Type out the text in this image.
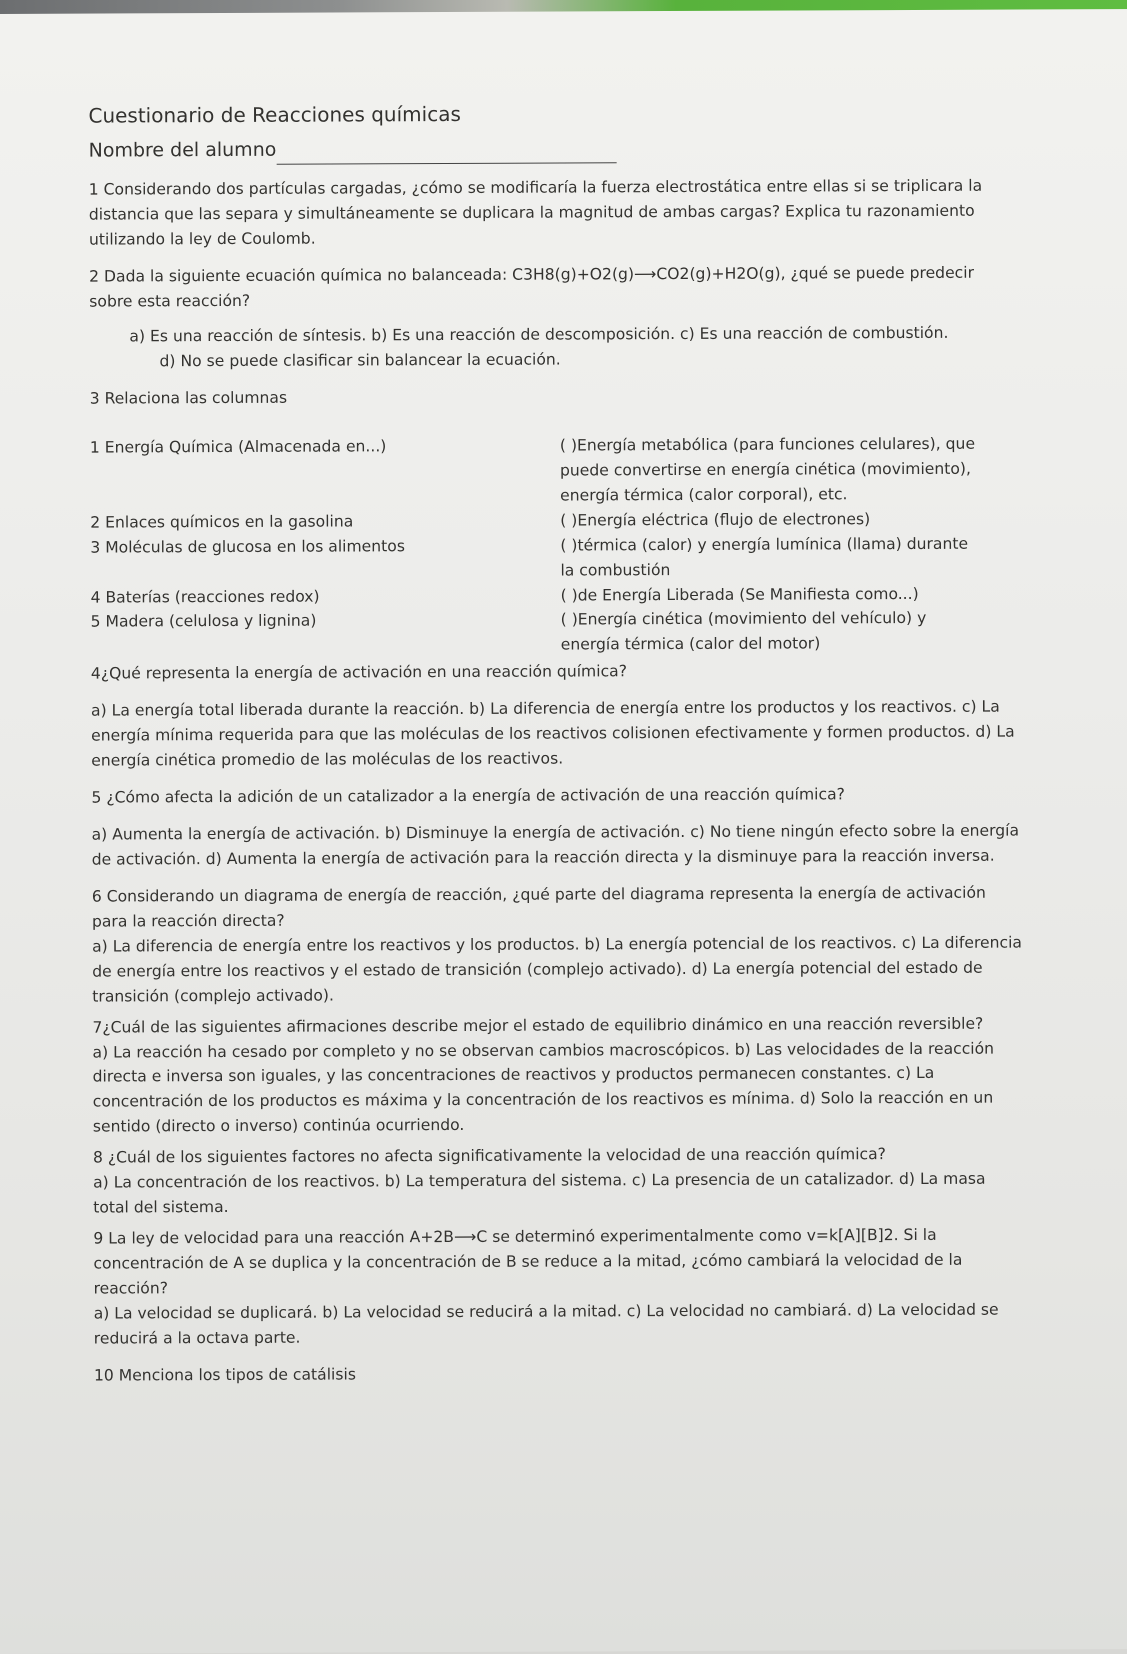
Cuestionario de Reacciones químicas

Nombre del alumno

1 Considerando dos partículas cargadas, ¿cómo se modificaría la fuerza electrostática entre ellas si se triplicara la distancia que las separa y simultáneamente se duplicara la magnitud de ambas cargas? Explica tu razonamiento utilizando la ley de Coulomb.

2 Dada la siguiente ecuación química no balanceada: C3H8(g)+O2(g)⟶CO2(g)+H2O(g), ¿qué se puede predecir sobre esta reacción?

a) Es una reacción de síntesis. b) Es una reacción de descomposición. c) Es una reacción de combustión.

d) No se puede clasificar sin balancear la ecuación.

3 Relaciona las columnas

1 Energía Química (Almacenada en...)	( )Energía metabólica (para funciones celulares), que puede convertirse en energía cinética (movimiento), energía térmica (calor corporal), etc.
2 Enlaces químicos en la gasolina	( )Energía eléctrica (flujo de electrones)
3 Moléculas de glucosa en los alimentos	( )térmica (calor) y energía lumínica (llama) durante la combustión
4 Baterías (reacciones redox)	( )de Energía Liberada (Se Manifiesta como...)
5 Madera (celulosa y lignina)	( )Energía cinética (movimiento del vehículo) y energía térmica (calor del motor)

4¿Qué representa la energía de activación en una reacción química?

a) La energía total liberada durante la reacción. b) La diferencia de energía entre los productos y los reactivos. c) La energía mínima requerida para que las moléculas de los reactivos colisionen efectivamente y formen productos. d) La energía cinética promedio de las moléculas de los reactivos.

5 ¿Cómo afecta la adición de un catalizador a la energía de activación de una reacción química?

a) Aumenta la energía de activación. b) Disminuye la energía de activación. c) No tiene ningún efecto sobre la energía de activación. d) Aumenta la energía de activación para la reacción directa y la disminuye para la reacción inversa.

6 Considerando un diagrama de energía de reacción, ¿qué parte del diagrama representa la energía de activación para la reacción directa?

a) La diferencia de energía entre los reactivos y los productos. b) La energía potencial de los reactivos. c) La diferencia de energía entre los reactivos y el estado de transición (complejo activado). d) La energía potencial del estado de transición (complejo activado).

7¿Cuál de las siguientes afirmaciones describe mejor el estado de equilibrio dinámico en una reacción reversible?

a) La reacción ha cesado por completo y no se observan cambios macroscópicos. b) Las velocidades de la reacción directa e inversa son iguales, y las concentraciones de reactivos y productos permanecen constantes. c) La concentración de los productos es máxima y la concentración de los reactivos es mínima. d) Solo la reacción en un sentido (directo o inverso) continúa ocurriendo.

8 ¿Cuál de los siguientes factores no afecta significativamente la velocidad de una reacción química?

a) La concentración de los reactivos. b) La temperatura del sistema. c) La presencia de un catalizador. d) La masa total del sistema.

9 La ley de velocidad para una reacción A+2B⟶C se determinó experimentalmente como v=k[A][B]2. Si la concentración de A se duplica y la concentración de B se reduce a la mitad, ¿cómo cambiará la velocidad de la reacción?

a) La velocidad se duplicará. b) La velocidad se reducirá a la mitad. c) La velocidad no cambiará. d) La velocidad se reducirá a la octava parte.

10 Menciona los tipos de catálisis
